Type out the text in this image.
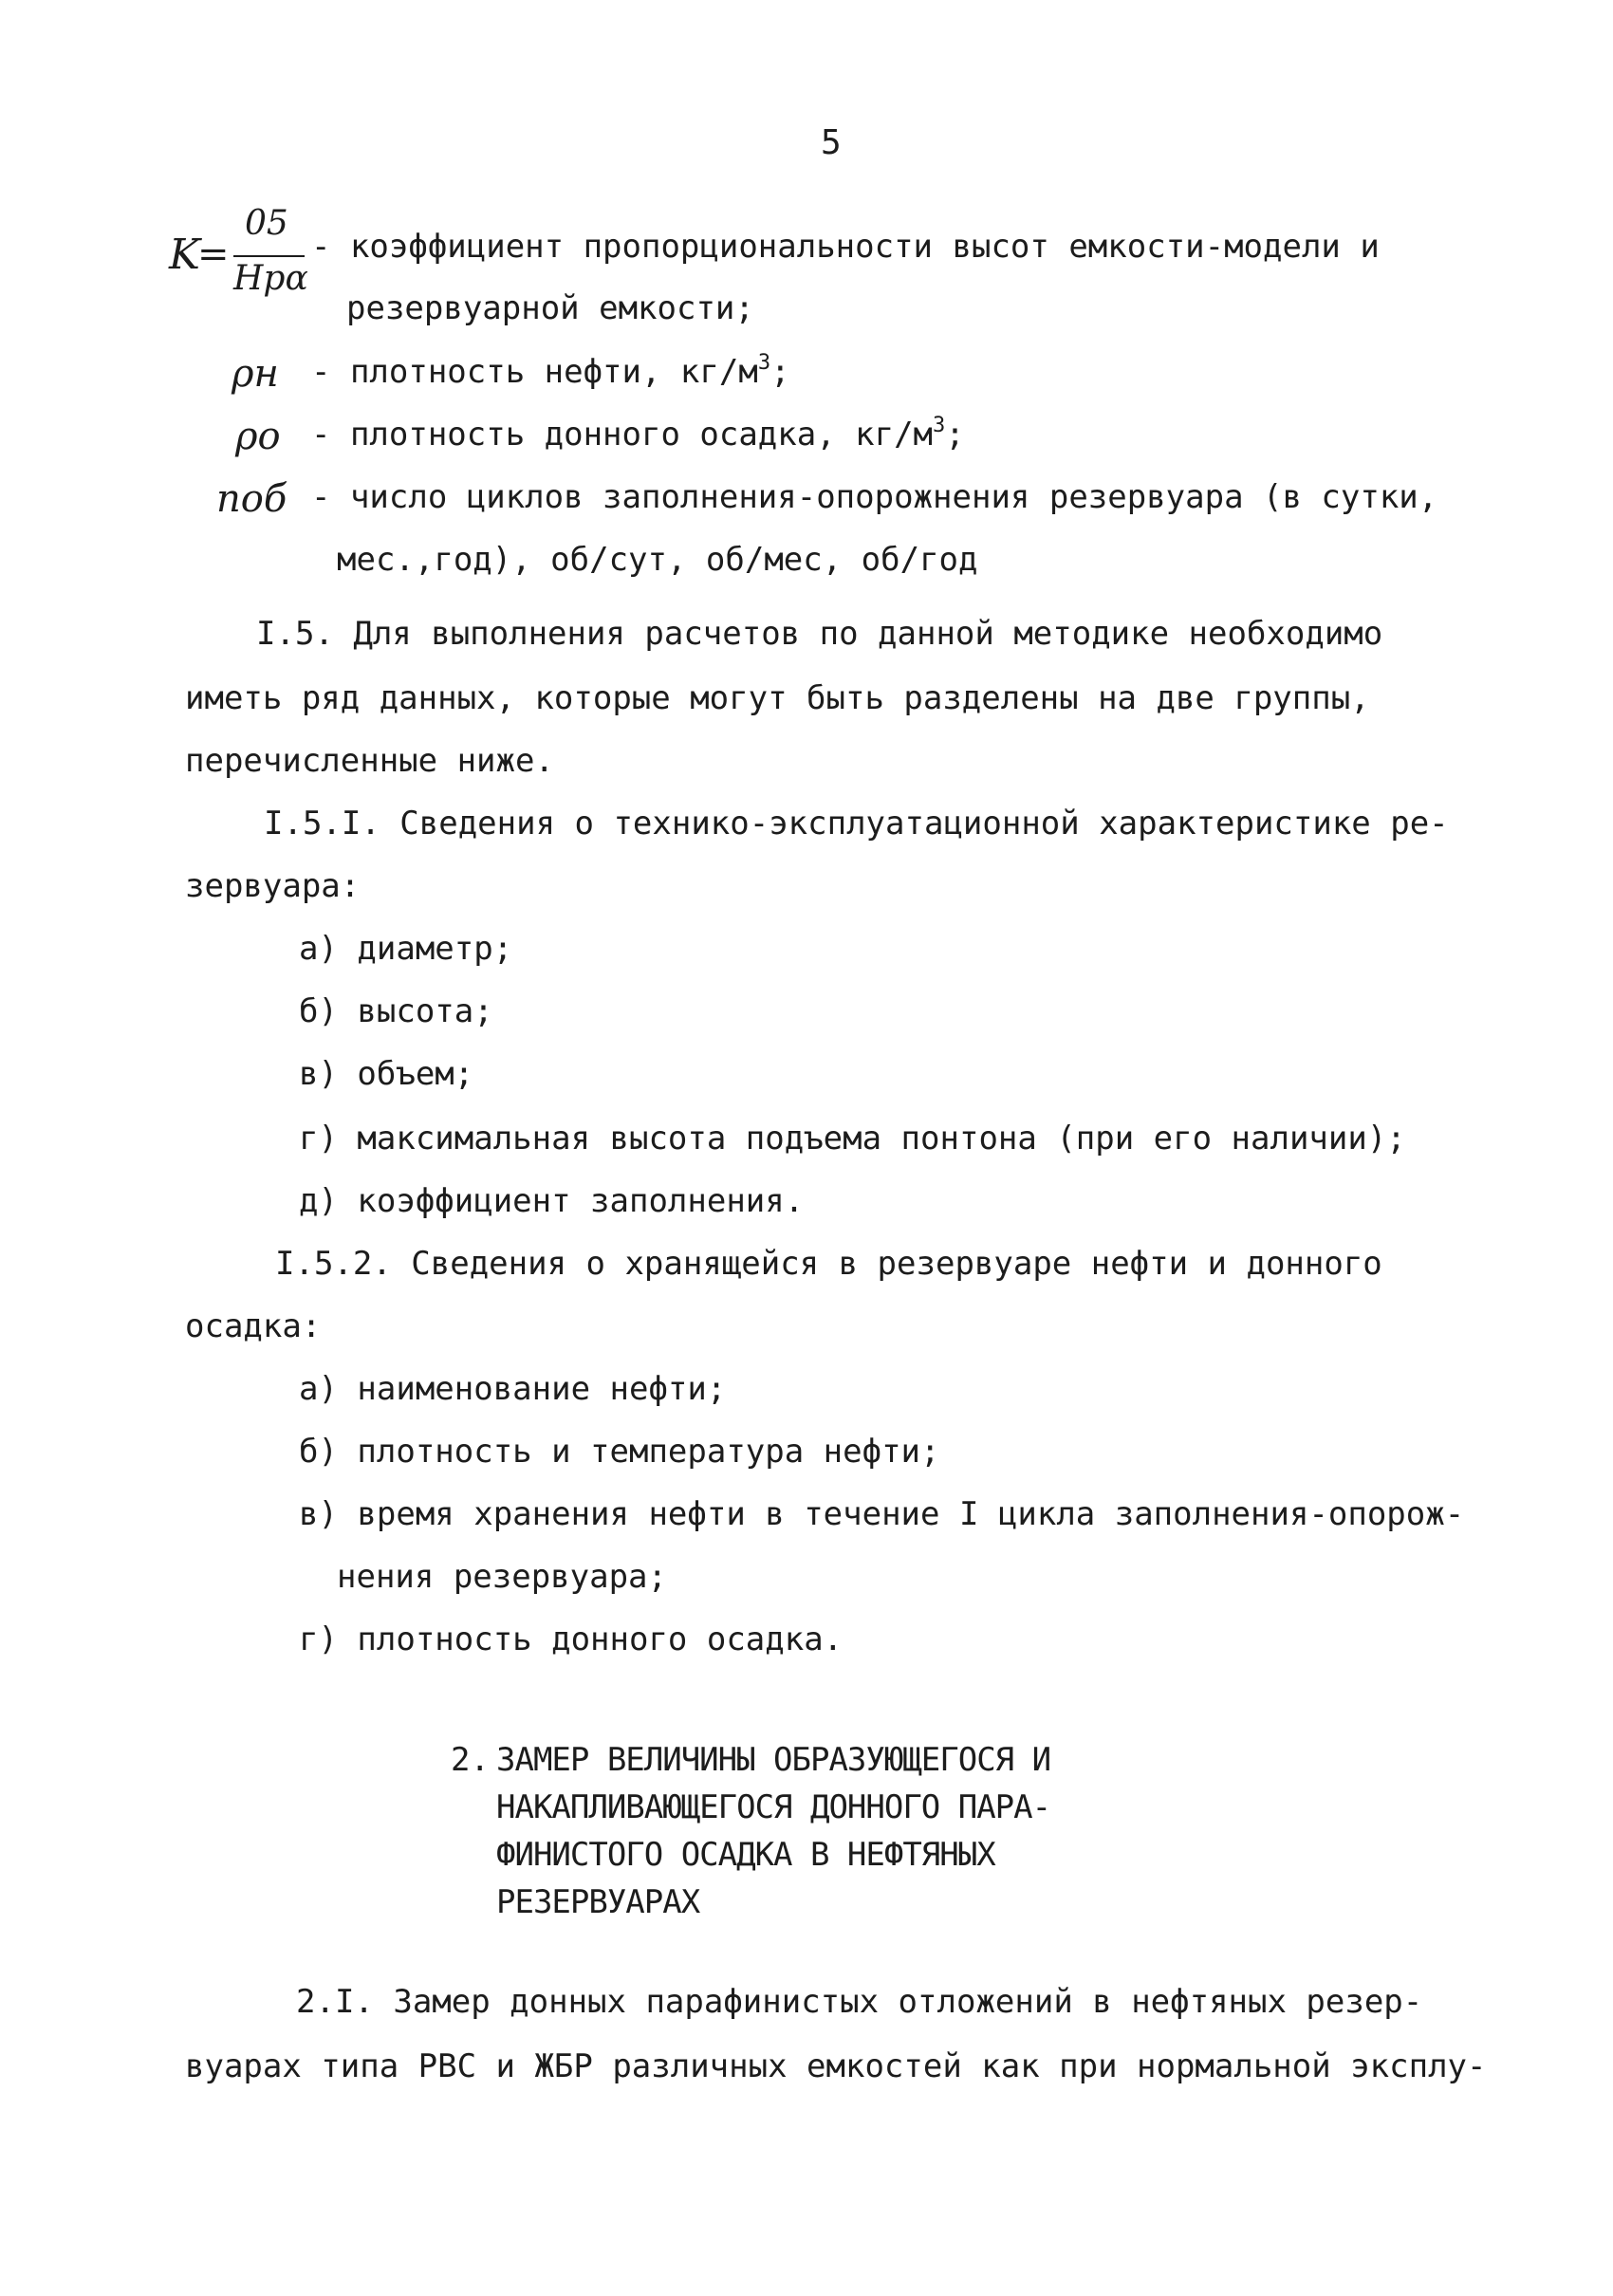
5
K
=
05
Hpα
- коэффициент пропорциональности высот емкости-модели и
резервуарной емкости;
ρн - плотность нефти, $кг/м^3$;
ρо - плотность донного осадка, $кг/м^3$;
nоб - число циклов заполнения-опорожнения резервуара (в сутки,
мес.,год), об/сут, об/мес, об/год
I.5. Для выполнения расчетов по данной методике необходимо
иметь ряд данных, которые могут быть разделены на две группы,
перечисленные ниже.
I.5.I. Сведения о технико-эксплуатационной характеристике ре-
зервуара:
а) диаметр;
б) высота;
в) объем;
г) максимальная высота подъема понтона (при его наличии);
д) коэффициент заполнения.
I.5.2. Сведения о хранящейся в резервуаре нефти и донного
осадка:
а) наименование нефти;
б) плотность и температура нефти;
в) время хранения нефти в течение I цикла заполнения-опорож-
нения резервуара;
г) плотность донного осадка.
2. ЗАМЕР ВЕЛИЧИНЫ ОБРАЗУЮЩЕГОСЯ И
НАКАПЛИВАЮЩЕГОСЯ ДОННОГО ПАРА-
ФИНИСТОГО ОСАДКА В НЕФТЯНЫХ
РЕЗЕРВУАРАХ
2.I. Замер донных парафинистых отложений в нефтяных резер-
вуарах типа РВС и ЖБР различных емкостей как при нормальной эксплу-
